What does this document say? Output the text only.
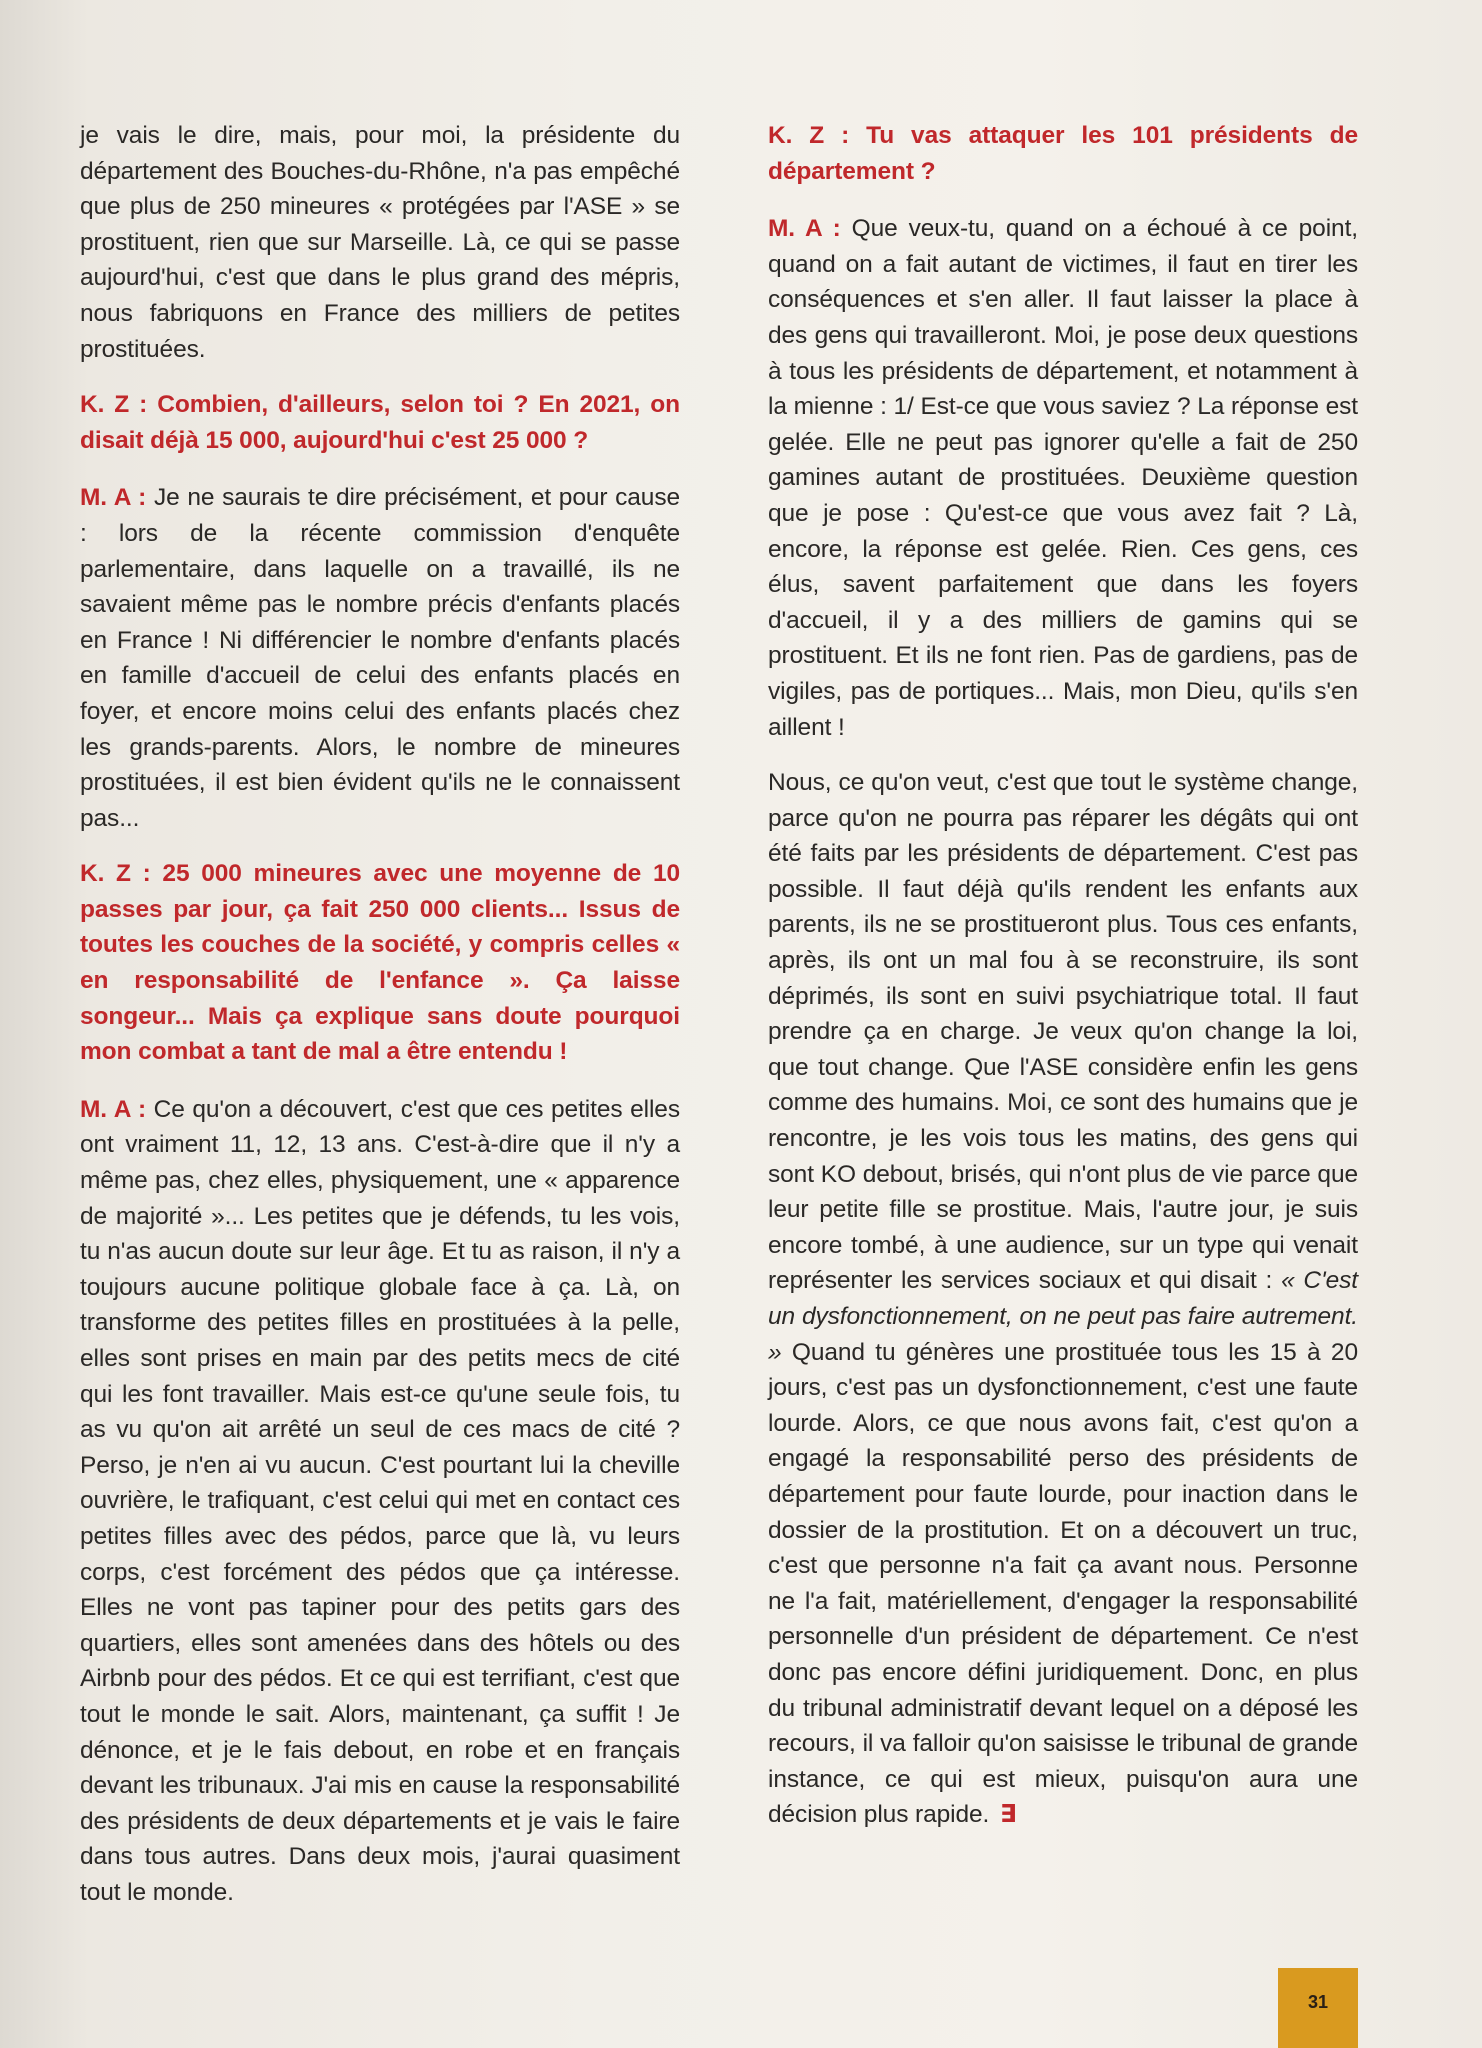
je vais le dire, mais, pour moi, la présidente du département des Bouches-du-Rhône, n'a pas empêché que plus de 250 mineures « protégées par l'ASE » se prostituent, rien que sur Marseille. Là, ce qui se passe aujourd'hui, c'est que dans le plus grand des mépris, nous fabriquons en France des milliers de petites prostituées.

K. Z : Combien, d'ailleurs, selon toi ? En 2021, on disait déjà 15 000, aujourd'hui c'est 25 000 ?

M. A : Je ne saurais te dire précisément, et pour cause : lors de la récente commission d'enquête parlementaire, dans laquelle on a travaillé, ils ne savaient même pas le nombre précis d'enfants placés en France ! Ni différencier le nombre d'enfants placés en famille d'accueil de celui des enfants placés en foyer, et encore moins celui des enfants placés chez les grands-parents. Alors, le nombre de mineures prostituées, il est bien évident qu'ils ne le connaissent pas...

K. Z : 25 000 mineures avec une moyenne de 10 passes par jour, ça fait 250 000 clients... Issus de toutes les couches de la société, y compris celles « en responsabilité de l'enfance ». Ça laisse songeur... Mais ça explique sans doute pourquoi mon combat a tant de mal a être entendu !

M. A : Ce qu'on a découvert, c'est que ces petites elles ont vraiment 11, 12, 13 ans. C'est-à-dire que il n'y a même pas, chez elles, physiquement, une « apparence de majorité »... Les petites que je défends, tu les vois, tu n'as aucun doute sur leur âge. Et tu as raison, il n'y a toujours aucune politique globale face à ça. Là, on transforme des petites filles en prostituées à la pelle, elles sont prises en main par des petits mecs de cité qui les font travailler. Mais est-ce qu'une seule fois, tu as vu qu'on ait arrêté un seul de ces macs de cité ? Perso, je n'en ai vu aucun. C'est pourtant lui la cheville ouvrière, le trafiquant, c'est celui qui met en contact ces petites filles avec des pédos, parce que là, vu leurs corps, c'est forcément des pédos que ça intéresse. Elles ne vont pas tapiner pour des petits gars des quartiers, elles sont amenées dans des hôtels ou des Airbnb pour des pédos. Et ce qui est terrifiant, c'est que tout le monde le sait. Alors, maintenant, ça suffit ! Je dénonce, et je le fais debout, en robe et en français devant les tribunaux. J'ai mis en cause la responsabilité des présidents de deux départements et je vais le faire dans tous autres. Dans deux mois, j'aurai quasiment tout le monde.

K. Z : Tu vas attaquer les 101 présidents de département ?

M. A : Que veux-tu, quand on a échoué à ce point, quand on a fait autant de victimes, il faut en tirer les conséquences et s'en aller. Il faut laisser la place à des gens qui travailleront. Moi, je pose deux questions à tous les présidents de département, et notamment à la mienne : 1/ Est-ce que vous saviez ? La réponse est gelée. Elle ne peut pas ignorer qu'elle a fait de 250 gamines autant de prostituées. Deuxième question que je pose : Qu'est-ce que vous avez fait ? Là, encore, la réponse est gelée. Rien. Ces gens, ces élus, savent parfaitement que dans les foyers d'accueil, il y a des milliers de gamins qui se prostituent. Et ils ne font rien. Pas de gardiens, pas de vigiles, pas de portiques... Mais, mon Dieu, qu'ils s'en aillent !

Nous, ce qu'on veut, c'est que tout le système change, parce qu'on ne pourra pas réparer les dégâts qui ont été faits par les présidents de département. C'est pas possible. Il faut déjà qu'ils rendent les enfants aux parents, ils ne se prostitueront plus. Tous ces enfants, après, ils ont un mal fou à se reconstruire, ils sont déprimés, ils sont en suivi psychiatrique total. Il faut prendre ça en charge. Je veux qu'on change la loi, que tout change. Que l'ASE considère enfin les gens comme des humains. Moi, ce sont des humains que je rencontre, je les vois tous les matins, des gens qui sont KO debout, brisés, qui n'ont plus de vie parce que leur petite fille se prostitue. Mais, l'autre jour, je suis encore tombé, à une audience, sur un type qui venait représenter les services sociaux et qui disait : « C'est un dysfonctionnement, on ne peut pas faire autrement. » Quand tu génères une prostituée tous les 15 à 20 jours, c'est pas un dysfonctionnement, c'est une faute lourde. Alors, ce que nous avons fait, c'est qu'on a engagé la responsabilité perso des présidents de département pour faute lourde, pour inaction dans le dossier de la prostitution. Et on a découvert un truc, c'est que personne n'a fait ça avant nous. Personne ne l'a fait, matériellement, d'engager la responsabilité personnelle d'un président de département. Ce n'est donc pas encore défini juridiquement. Donc, en plus du tribunal administratif devant lequel on a déposé les recours, il va falloir qu'on saisisse le tribunal de grande instance, ce qui est mieux, puisqu'on aura une décision plus rapide. ∃

31
